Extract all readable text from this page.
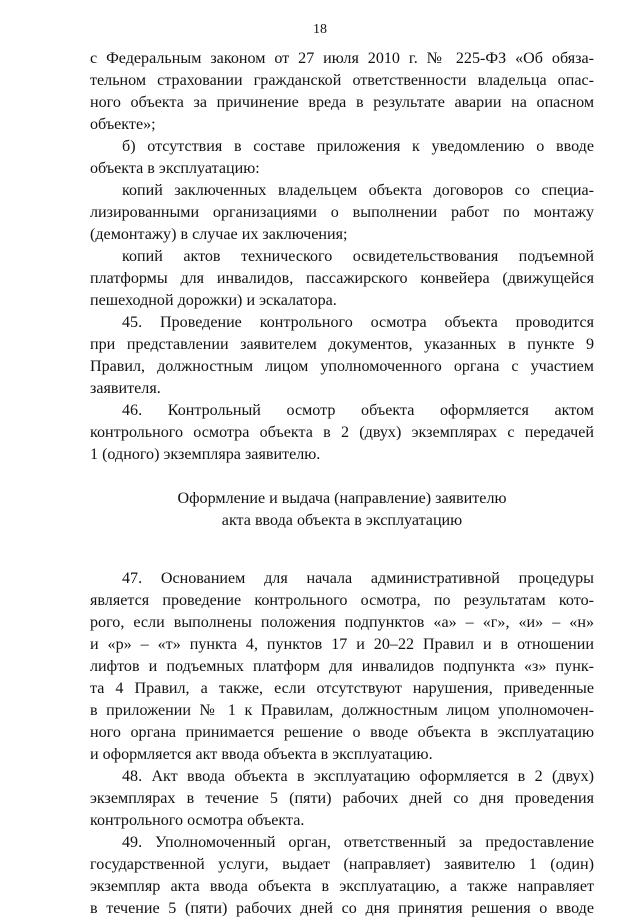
18
с Федеральным законом от 27 июля 2010 г. № 225-ФЗ «Об обяза-
тельном страховании гражданской ответственности владельца опас-
ного объекта за причинение вреда в результате аварии на опасном
объекте»;
б) отсутствия в составе приложения к уведомлению о вводе
объекта в эксплуатацию:
копий заключенных владельцем объекта договоров со специа-
лизированными организациями о выполнении работ по монтажу
(демонтажу) в случае их заключения;
копий актов технического освидетельствования подъемной
платформы для инвалидов, пассажирского конвейера (движущейся
пешеходной дорожки) и эскалатора.
45. Проведение контрольного осмотра объекта проводится
при представлении заявителем документов, указанных в пункте 9
Правил, должностным лицом уполномоченного органа с участием
заявителя.
46. Контрольный осмотр объекта оформляется актом
контрольного осмотра объекта в 2 (двух) экземплярах с передачей
1 (одного) экземпляра заявителю.
Оформление и выдача (направление) заявителю
акта ввода объекта в эксплуатацию
47. Основанием для начала административной процедуры
является проведение контрольного осмотра, по результатам кото-
рого, если выполнены положения подпунктов «а» – «г», «и» – «н»
и «р» – «т» пункта 4, пунктов 17 и 20–22 Правил и в отношении
лифтов и подъемных платформ для инвалидов подпункта «з» пунк-
та 4 Правил, а также, если отсутствуют нарушения, приведенные
в приложении № 1 к Правилам, должностным лицом уполномочен-
ного органа принимается решение о вводе объекта в эксплуатацию
и оформляется акт ввода объекта в эксплуатацию.
48. Акт ввода объекта в эксплуатацию оформляется в 2 (двух)
экземплярах в течение 5 (пяти) рабочих дней со дня проведения
контрольного осмотра объекта.
49. Уполномоченный орган, ответственный за предоставление
государственной услуги, выдает (направляет) заявителю 1 (один)
экземпляр акта ввода объекта в эксплуатацию, а также направляет
в течение 5 (пяти) рабочих дней со дня принятия решения о вводе
